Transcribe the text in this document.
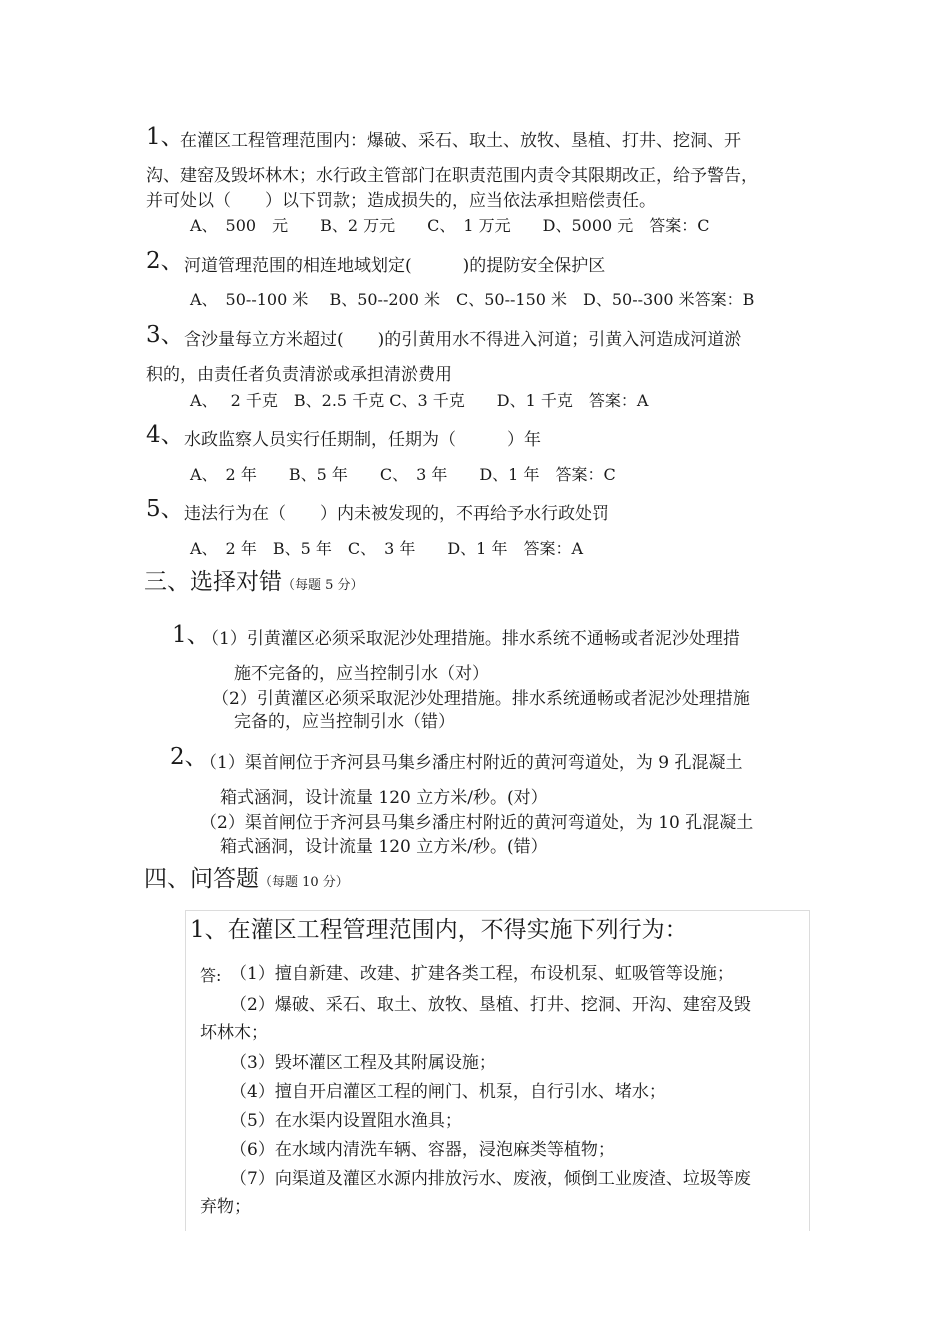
1、
在灌区工程管理范围内：爆破、采石、取土、放牧、垦植、打井、挖洞、开
沟、建窑及毁坏林木；水行政主管部门在职责范围内责令其限期改正，给予警告，
并可处以（　　）以下罚款；造成损失的，应当依法承担赔偿责任。
A、　500　元　　B、2 万元　　C、　1 万元　　D、5000 元　答案：C
2、 河道管理范围的相连地域划定(　　　)的提防安全保护区
A、　50--100 米　 B、50--200 米　C、50--150 米　D、50--300 米答案：B
3、 含沙量每立方米超过(　　)的引黄用水不得进入河道；引黄入河造成河道淤
积的，由责任者负责清淤或承担清淤费用
A、　 2 千克　B、2.5 千克 C、3 千克　　D、1 千克　答案：A
4、 水政监察人员实行任期制，任期为（　　　）年
A、　2 年　　B、5 年　　C、　3 年　　D、1 年　答案：C
5、 违法行为在（　　）内未被发现的，不再给予水行政处罚
A、　2 年　B、5 年　C、　3 年　　D、1 年　答案：A
三、选择对错（每题 5 分）
1、
（1）引黄灌区必须采取泥沙处理措施。排水系统不通畅或者泥沙处理措
施不完备的，应当控制引水（对）
（2）引黄灌区必须采取泥沙处理措施。排水系统通畅或者泥沙处理措施
完备的，应当控制引水（错）
2、
（1）渠首闸位于齐河县马集乡潘庄村附近的黄河弯道处，为 9 孔混凝土
箱式涵洞，设计流量 120 立方米/秒。(对）
（2）渠首闸位于齐河县马集乡潘庄村附近的黄河弯道处，为 10 孔混凝土
箱式涵洞，设计流量 120 立方米/秒。(错）
四、问答题（每题 10 分）
1、在灌区工程管理范围内，不得实施下列行为：
答: （1）擅自新建、改建、扩建各类工程，布设机泵、虹吸管等设施；
（2）爆破、采石、取土、放牧、垦植、打井、挖洞、开沟、建窑及毁
坏林木；
（3）毁坏灌区工程及其附属设施；
（4）擅自开启灌区工程的闸门、机泵，自行引水、堵水；
（5）在水渠内设置阻水渔具；
（6）在水域内清洗车辆、容器，浸泡麻类等植物；
（7）向渠道及灌区水源内排放污水、废液，倾倒工业废渣、垃圾等废
弃物；
